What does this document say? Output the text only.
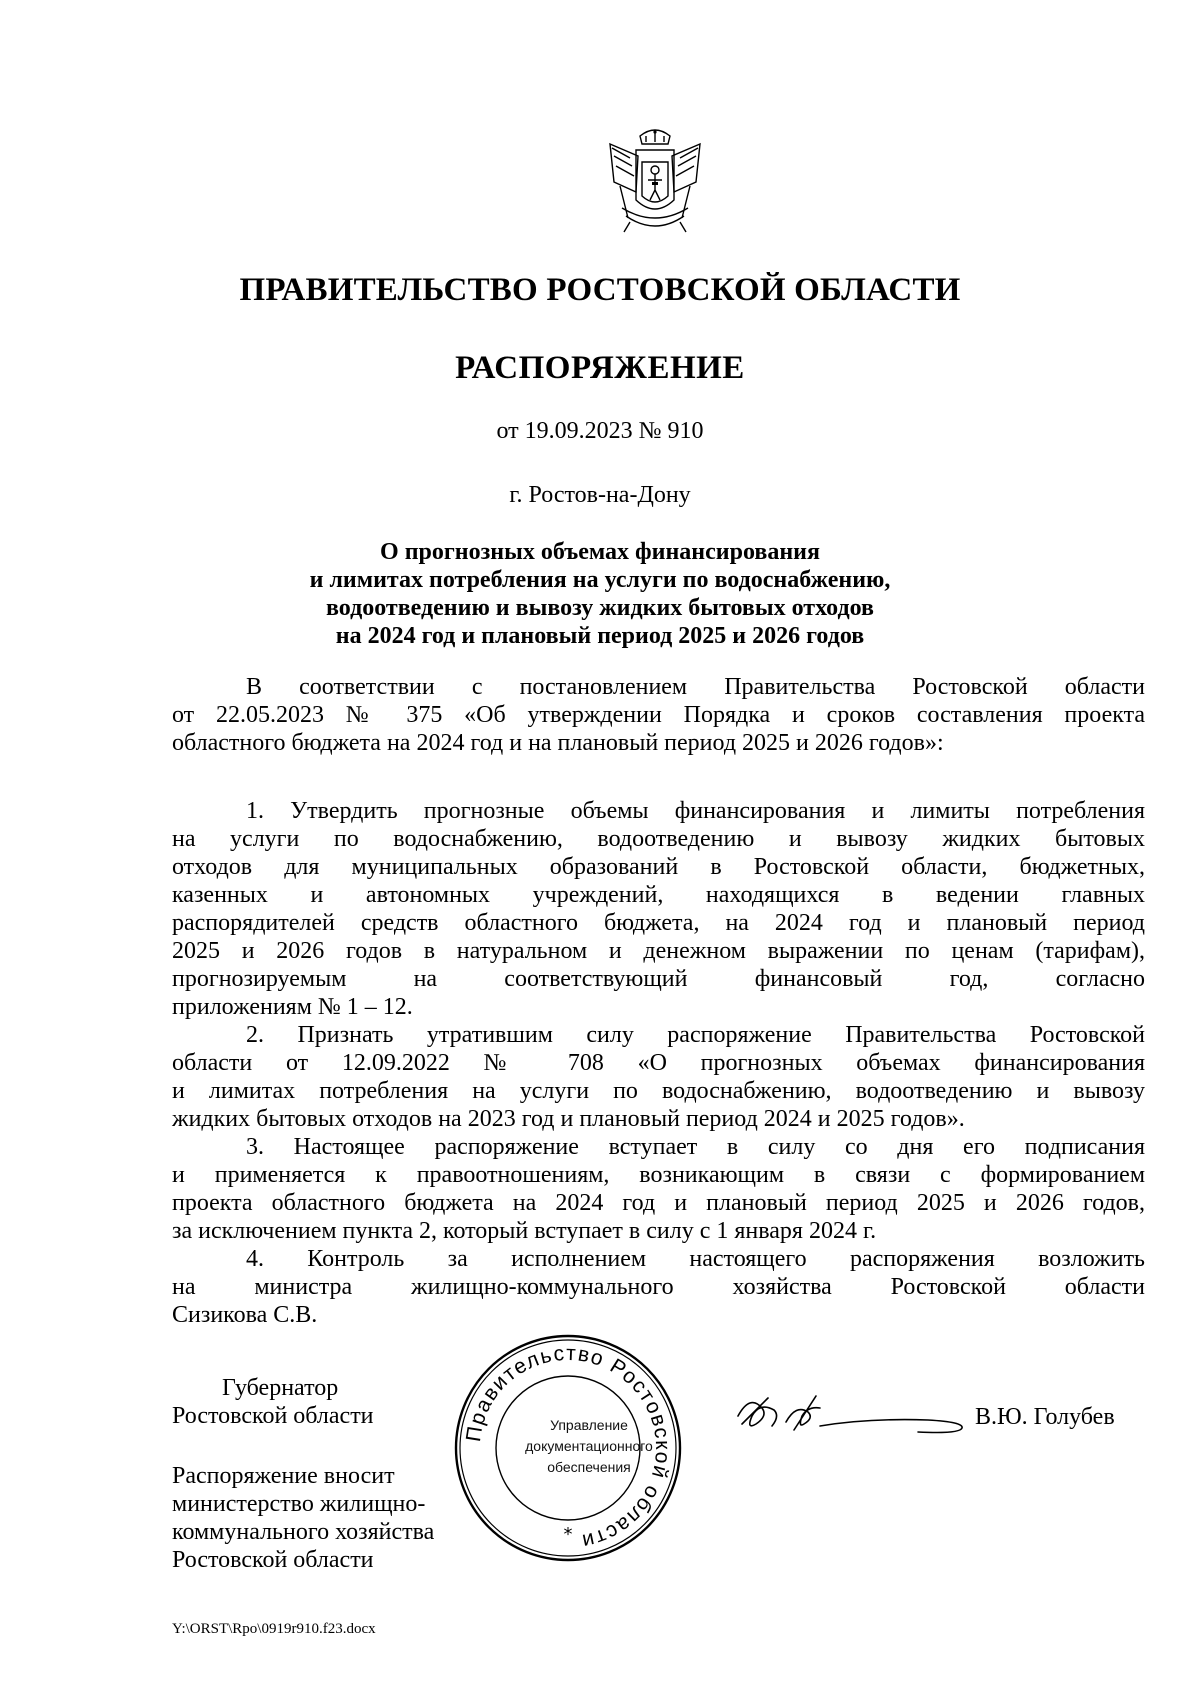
ПРАВИТЕЛЬСТВО РОСТОВСКОЙ ОБЛАСТИ
РАСПОРЯЖЕНИЕ
от 19.09.2023 № 910
г. Ростов-на-Дону
О прогнозных объемах финансирования
и лимитах потребления на услуги по водоснабжению,
водоотведению и вывозу жидких бытовых отходов
на 2024 год и плановый период 2025 и 2026 годов
В соответствии с постановлением Правительства Ростовской области
от 22.05.2023 № 375 «Об утверждении Порядка и сроков составления проекта
областного бюджета на 2024 год и на плановый период 2025 и 2026 годов»:
1. Утвердить прогнозные объемы финансирования и лимиты потребления
на услуги по водоснабжению, водоотведению и вывозу жидких бытовых
отходов для муниципальных образований в Ростовской области, бюджетных,
казенных и автономных учреждений, находящихся в ведении главных
распорядителей средств областного бюджета, на 2024 год и плановый период
2025 и 2026 годов в натуральном и денежном выражении по ценам (тарифам),
прогнозируемым на соответствующий финансовый год, согласно
приложениям № 1 – 12.
2. Признать утратившим силу распоряжение Правительства Ростовской
области от 12.09.2022 № 708 «О прогнозных объемах финансирования
и лимитах потребления на услуги по водоснабжению, водоотведению и вывозу
жидких бытовых отходов на 2023 год и плановый период 2024 и 2025 годов».
3. Настоящее распоряжение вступает в силу со дня его подписания
и применяется к правоотношениям, возникающим в связи с формированием
проекта областного бюджета на 2024 год и плановый период 2025 и 2026 годов,
за исключением пункта 2, который вступает в силу с 1 января 2024 г.
4. Контроль за исполнением настоящего распоряжения возложить
на министра жилищно-коммунального хозяйства Ростовской области
Сизикова С.В.
Губернатор
Ростовской области
Правительство Ростовской области
*
Управление
документационного
обеспечения
В.Ю. Голубев
Распоряжение вносит
министерство жилищно-
коммунального хозяйства
Ростовской области
Y:\ORST\Rpo\0919r910.f23.docx
